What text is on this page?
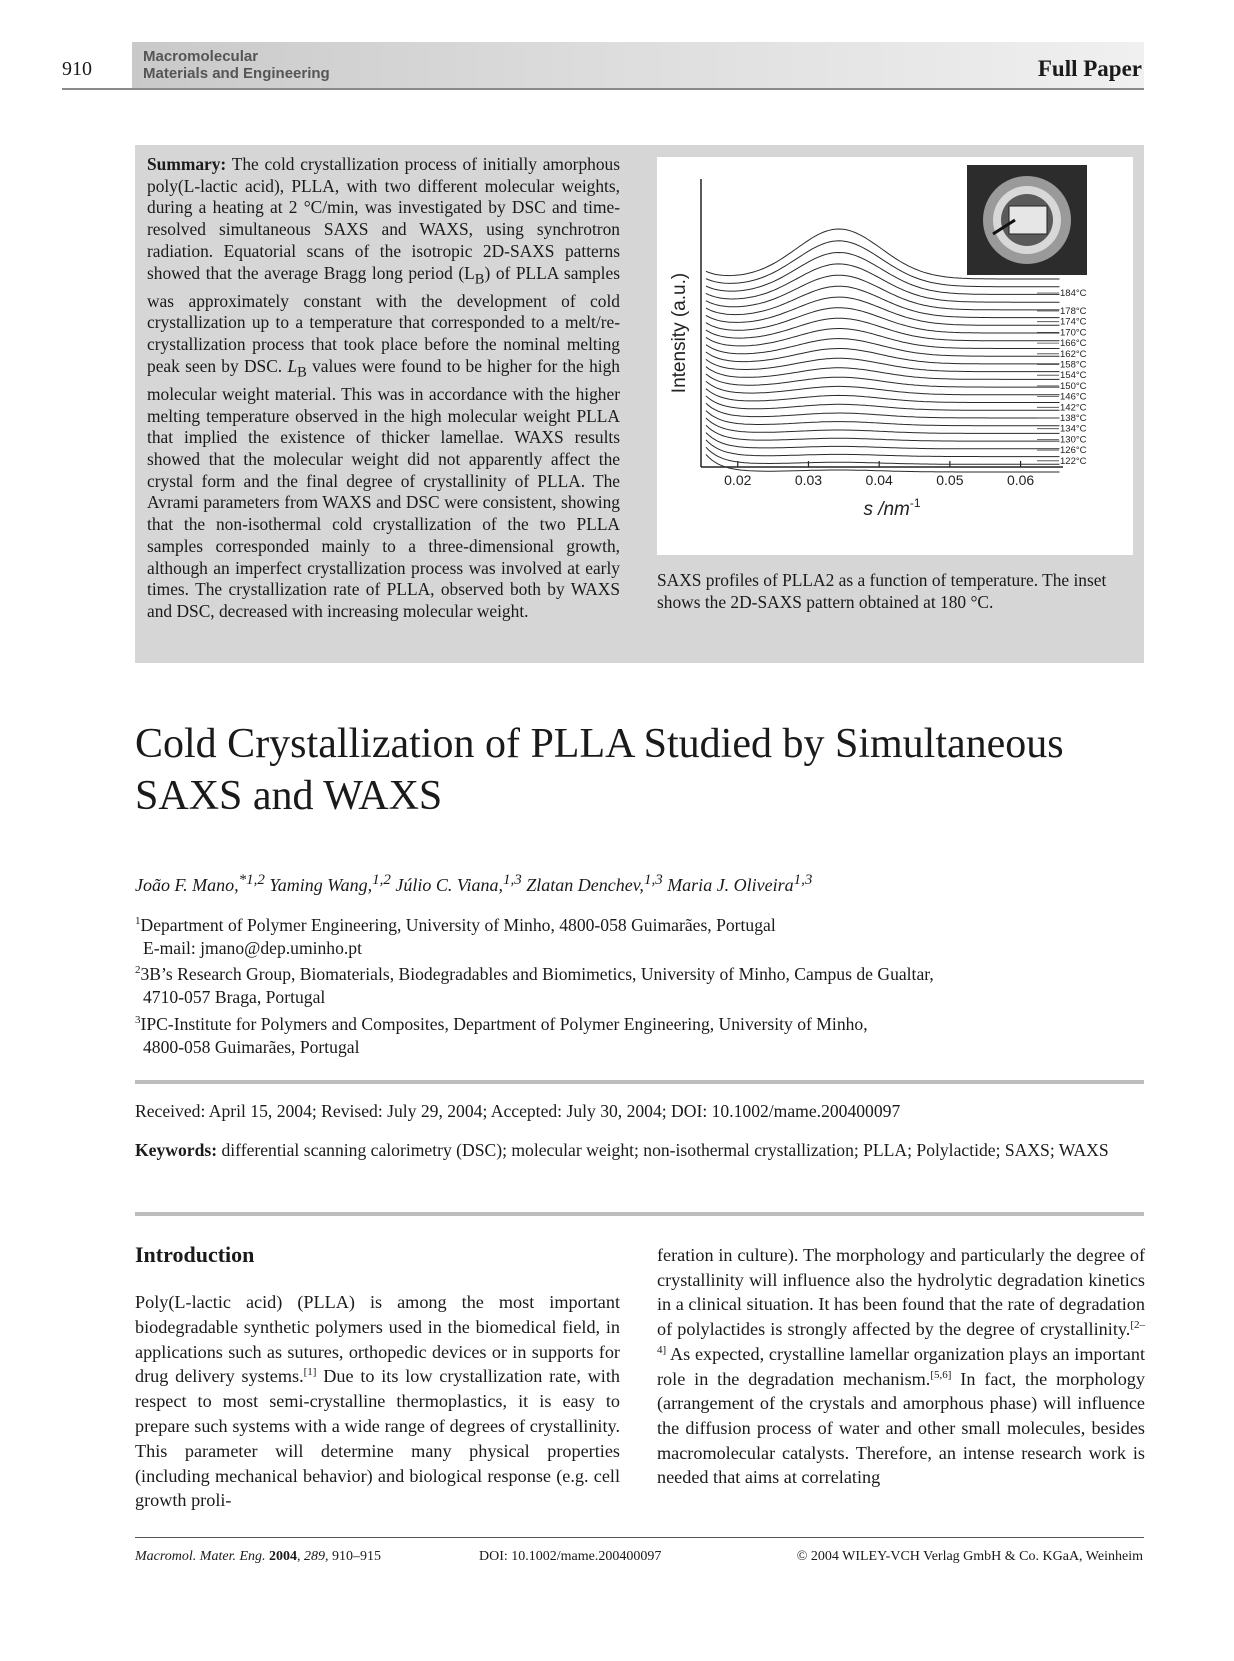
910
Macromolecular
Materials and Engineering	Full Paper
Summary: The cold crystallization process of initially amorphous poly(L-lactic acid), PLLA, with two different molecular weights, during a heating at 2 °C/min, was investigated by DSC and time-resolved simultaneous SAXS and WAXS, using synchrotron radiation. Equatorial scans of the isotropic 2D-SAXS patterns showed that the average Bragg long period $(L_B)$ of PLLA samples was approximately constant with the development of cold crystallization up to a temperature that corresponded to a melt/re-crystallization process that took place before the nominal melting peak seen by DSC. $L_B$ values were found to be higher for the high molecular weight material. This was in accordance with the higher melting temperature observed in the high molecular weight PLLA that implied the existence of thicker lamellae. WAXS results showed that the molecular weight did not apparently affect the crystal form and the final degree of crystallinity of PLLA. The Avrami parameters from WAXS and DSC were consistent, showing that the non-isothermal cold crystallization of the two PLLA samples corresponded mainly to a three-dimensional growth, although an imperfect crystallization process was involved at early times. The crystallization rate of PLLA, observed both by WAXS and DSC, decreased with increasing molecular weight.
0.02	0.03	0.04	0.05	0.06
s $/nm^{-1}$
Intensity (a.u.)	184°C
178°C
174°C
170°C
166°C
162°C
158°C
154°C
150°C
146°C
142°C
138°C
134°C
130°C
126°C
122°C
SAXS profiles of PLLA2 as a function of temperature. The inset shows the 2D-SAXS pattern obtained at 180 °C.
Cold Crystallization of PLLA Studied by Simultaneous SAXS and WAXS
João F. Mano,$^{*1,2}$ Yaming Wang,$^{1,2}$ Júlio C. Viana,$^{1,3}$ Zlatan Denchev,$^{1,3}$ Maria J. Oliveira$^{1,3}$
$^1$Department of Polymer Engineering, University of Minho, 4800-058 Guimarães, Portugal
E-mail: jmano@dep.uminho.pt
$^2$3B’s Research Group, Biomaterials, Biodegradables and Biomimetics, University of Minho, Campus de Gualtar,
4710-057 Braga, Portugal
$^3$IPC-Institute for Polymers and Composites, Department of Polymer Engineering, University of Minho,
4800-058 Guimarães, Portugal
Received: April 15, 2004; Revised: July 29, 2004; Accepted: July 30, 2004; DOI: 10.1002/mame.200400097
Keywords: differential scanning calorimetry (DSC); molecular weight; non-isothermal crystallization; PLLA; Polylactide; SAXS; WAXS
Introduction
Poly(L-lactic acid) (PLLA) is among the most important biodegradable synthetic polymers used in the biomedical field, in applications such as sutures, orthopedic devices or in supports for drug delivery systems.[1] Due to its low crystallization rate, with respect to most semi-crystalline thermoplastics, it is easy to prepare such systems with a wide range of degrees of crystallinity. This parameter will determine many physical properties (including mechanical behavior) and biological response (e.g. cell growth proli-
feration in culture). The morphology and particularly the degree of crystallinity will influence also the hydrolytic degradation kinetics in a clinical situation. It has been found that the rate of degradation of polylactides is strongly affected by the degree of crystallinity.[2–4] As expected, crystalline lamellar organization plays an important role in the degradation mechanism.[5,6] In fact, the morphology (arrangement of the crystals and amorphous phase) will influence the diffusion process of water and other small molecules, besides macromolecular catalysts. Therefore, an intense research work is needed that aims at correlating
Macromol. Mater. Eng. 2004, 289, 910–915	DOI: 10.1002/mame.200400097	© 2004 WILEY-VCH Verlag GmbH & Co. KGaA, Weinheim
